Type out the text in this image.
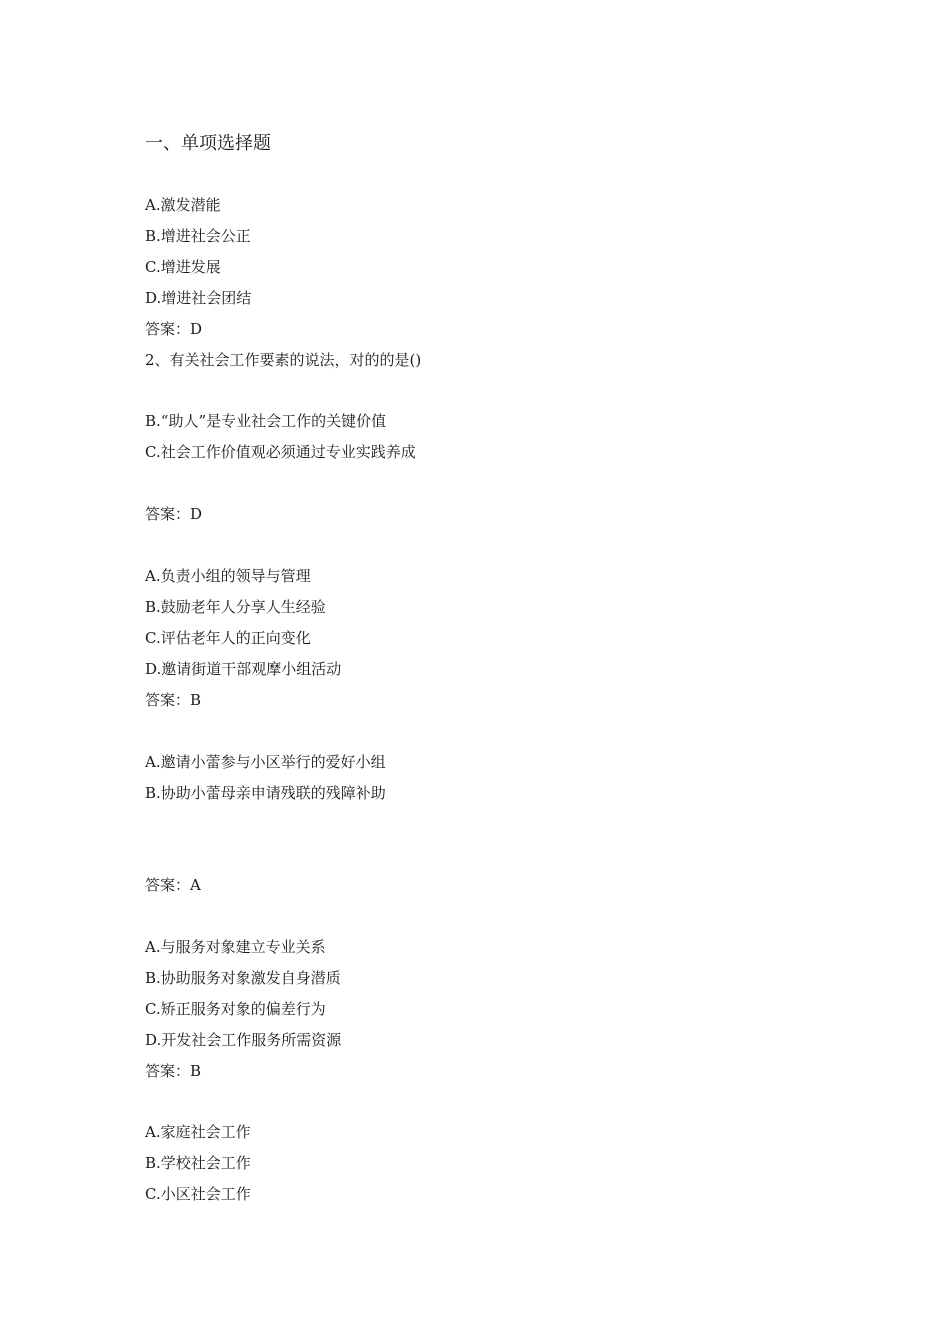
一、单项选择题
A.激发潜能
B.增进社会公正
C.增进发展
D.增进社会团结
答案：D
2、有关社会工作要素的说法，对的的是()
B.“助人”是专业社会工作的关键价值
C.社会工作价值观必须通过专业实践养成
答案：D
A.负责小组的领导与管理
B.鼓励老年人分享人生经验
C.评估老年人的正向变化
D.邀请街道干部观摩小组活动
答案：B
A.邀请小蕾参与小区举行的爱好小组
B.协助小蕾母亲申请残联的残障补助
答案：A
A.与服务对象建立专业关系
B.协助服务对象激发自身潜质
C.矫正服务对象的偏差行为
D.开发社会工作服务所需资源
答案：B
A.家庭社会工作
B.学校社会工作
C.小区社会工作
